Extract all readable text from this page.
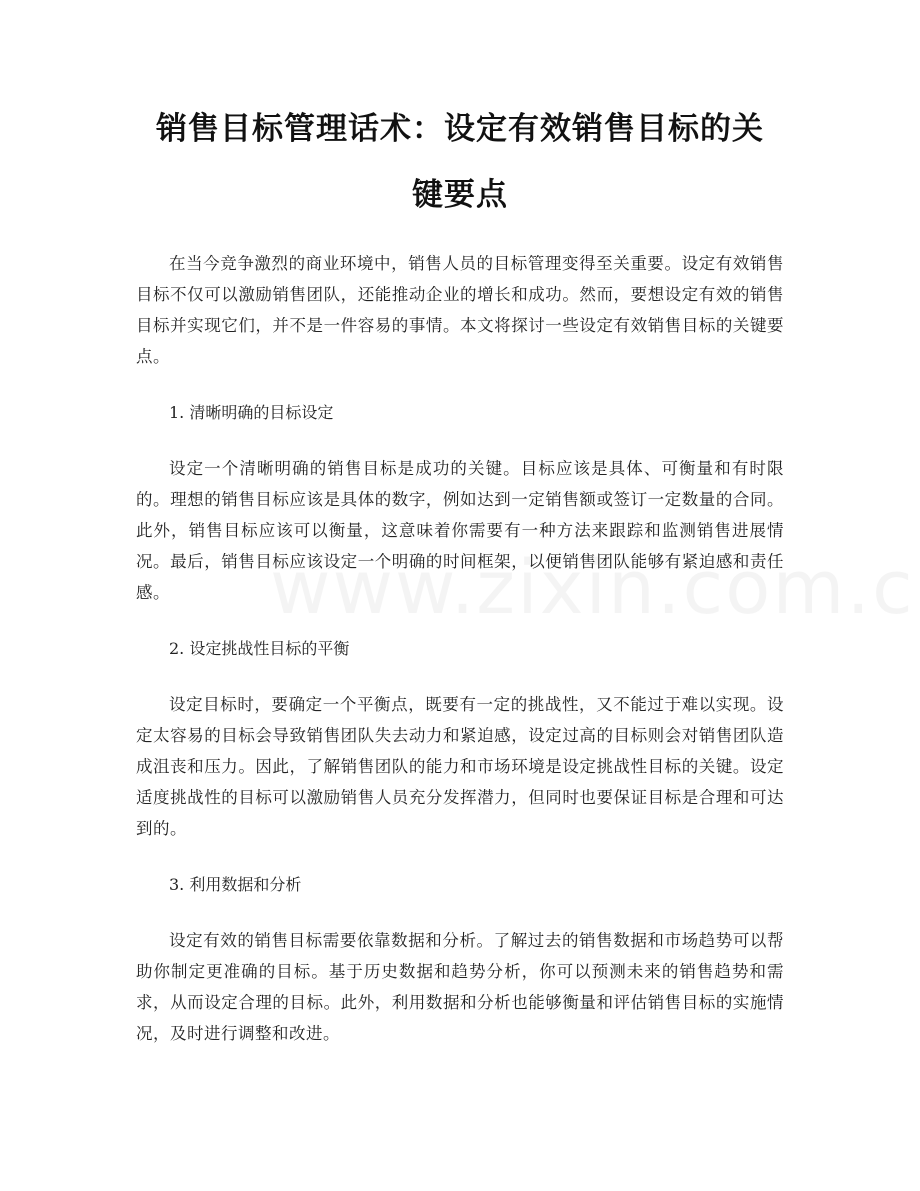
销售目标管理话术：设定有效销售目标的关
键要点

在当今竞争激烈的商业环境中，销售人员的目标管理变得至关重要。设定有效销售目标不仅可以激励销售团队，还能推动企业的增长和成功。然而，要想设定有效的销售目标并实现它们，并不是一件容易的事情。本文将探讨一些设定有效销售目标的关键要点。

1. 清晰明确的目标设定

设定一个清晰明确的销售目标是成功的关键。目标应该是具体、可衡量和有时限的。理想的销售目标应该是具体的数字，例如达到一定销售额或签订一定数量的合同。此外，销售目标应该可以衡量，这意味着你需要有一种方法来跟踪和监测销售进展情况。最后，销售目标应该设定一个明确的时间框架，以便销售团队能够有紧迫感和责任感。

2. 设定挑战性目标的平衡

设定目标时，要确定一个平衡点，既要有一定的挑战性，又不能过于难以实现。设定太容易的目标会导致销售团队失去动力和紧迫感，设定过高的目标则会对销售团队造成沮丧和压力。因此，了解销售团队的能力和市场环境是设定挑战性目标的关键。设定适度挑战性的目标可以激励销售人员充分发挥潜力，但同时也要保证目标是合理和可达到的。

3. 利用数据和分析

设定有效的销售目标需要依靠数据和分析。了解过去的销售数据和市场趋势可以帮助你制定更准确的目标。基于历史数据和趋势分析，你可以预测未来的销售趋势和需求，从而设定合理的目标。此外，利用数据和分析也能够衡量和评估销售目标的实施情况，及时进行调整和改进。
